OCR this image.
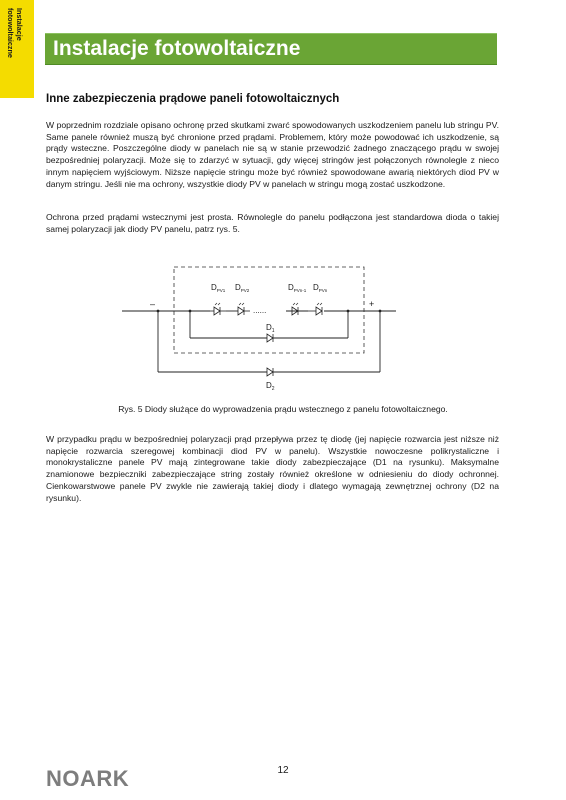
Instalacje
fotowoltaiczne	Instalacje fotowoltaiczne
Inne zabezpieczenia prądowe paneli fotowoltaicznych

W poprzednim rozdziale opisano ochronę przed skutkami zwarć spowodowanych uszkodzeniem panelu lub stringu PV. Same panele również muszą być chronione przed prądami. Problemem, który może powodować ich uszkodzenie, są prądy wsteczne. Poszczególne diody w panelach nie są w stanie przewodzić żadnego znaczącego prądu w swojej bezpośredniej polaryzacji. Może się to zdarzyć w sytuacji, gdy więcej stringów jest połączonych równolegle z nieco innym napięciem wyjściowym. Niższe napięcie stringu może być również spowodowane awarią niektórych diod PV w danym stringu. Jeśli nie ma ochrony, wszystkie diody PV w panelach w stringu mogą zostać uszkodzone.

Ochrona przed prądami wstecznymi jest prosta. Równolegle do panelu podłączona jest standardowa dioda o takiej samej polaryzacji jak diody PV panelu, patrz rys. 5.

......
–	+
$D_{PV1}$ $D_{PV2}$	$D_{PVn-1}$ $D_{PVn}$
$D_1$
$D_2$
Rys. 5 Diody służące do wyprowadzenia prądu wstecznego z panelu fotowoltaicznego.

W przypadku prądu w bezpośredniej polaryzacji prąd przepływa przez tę diodę (jej napięcie rozwarcia jest niższe niż napięcie rozwarcia szeregowej kombinacji diod PV w panelu). Wszystkie nowoczesne polikrystaliczne i monokrystaliczne panele PV mają zintegrowane takie diody zabezpieczające (D1 na rysunku). Maksymalne znamionowe bezpieczniki zabezpieczające string zostały również określone w odniesieniu do diody ochronnej. Cienkowarstwowe panele PV zwykle nie zawierają takiej diody i dlatego wymagają zewnętrznej ochrony (D2 na rysunku).

NOARK	12
